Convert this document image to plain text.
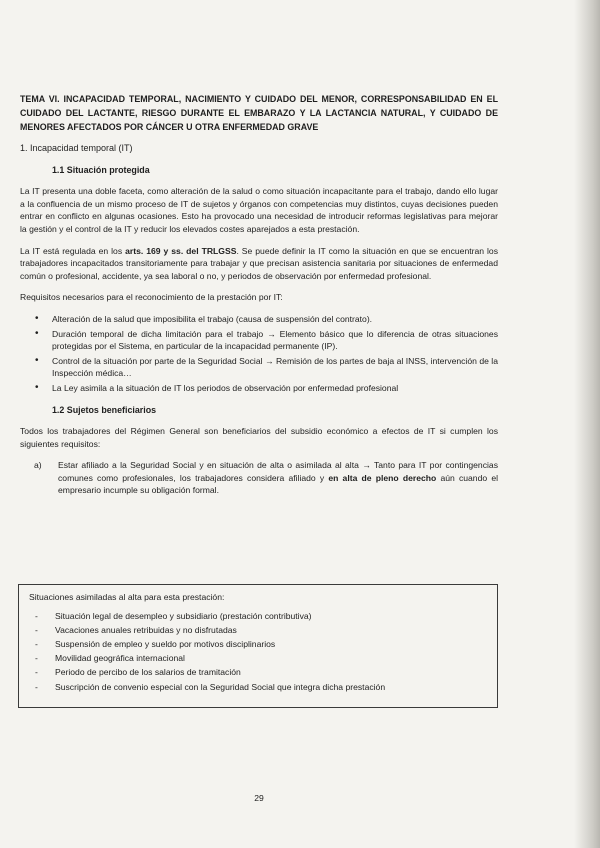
TEMA VI. INCAPACIDAD TEMPORAL, NACIMIENTO Y CUIDADO DEL MENOR, CORRESPONSABILIDAD EN EL CUIDADO DEL LACTANTE, RIESGO DURANTE EL EMBARAZO Y LA LACTANCIA NATURAL, Y CUIDADO DE MENORES AFECTADOS POR CÁNCER U OTRA ENFERMEDAD GRAVE
1. Incapacidad temporal (IT)
1.1 Situación protegida

La IT presenta una doble faceta, como alteración de la salud o como situación incapacitante para el trabajo, dando ello lugar a la confluencia de un mismo proceso de IT de sujetos y órganos con competencias muy distintos, cuyas decisiones pueden entrar en conflicto en algunas ocasiones. Esto ha provocado una necesidad de introducir reformas legislativas para mejorar la gestión y el control de la IT y reducir los elevados costes aparejados a esta prestación.

La IT está regulada en los arts. 169 y ss. del TRLGSS. Se puede definir la IT como la situación en que se encuentran los trabajadores incapacitados transitoriamente para trabajar y que precisan asistencia sanitaria por situaciones de enfermedad común o profesional, accidente, ya sea laboral o no, y periodos de observación por enfermedad profesional.

Requisitos necesarios para el reconocimiento de la prestación por IT:

• Alteración de la salud que imposibilita el trabajo (causa de suspensión del contrato).
• Duración temporal de dicha limitación para el trabajo → Elemento básico que lo diferencia de otras situaciones protegidas por el Sistema, en particular de la incapacidad permanente (IP).
• Control de la situación por parte de la Seguridad Social → Remisión de los partes de baja al INSS, intervención de la Inspección médica…
• La Ley asimila a la situación de IT los periodos de observación por enfermedad profesional
1.2 Sujetos beneficiarios

Todos los trabajadores del Régimen General son beneficiarios del subsidio económico a efectos de IT si cumplen los siguientes requisitos:

a) Estar afiliado a la Seguridad Social y en situación de alta o asimilada al alta → Tanto para IT por contingencias comunes como profesionales, los trabajadores considera afiliado y en alta de pleno derecho aún cuando el empresario incumple su obligación formal.
Situaciones asimiladas al alta para esta prestación:
- Situación legal de desempleo y subsidiario (prestación contributiva)
- Vacaciones anuales retribuidas y no disfrutadas
- Suspensión de empleo y sueldo por motivos disciplinarios
- Movilidad geográfica internacional
- Periodo de percibo de los salarios de tramitación
- Suscripción de convenio especial con la Seguridad Social que integra dicha prestación
29
